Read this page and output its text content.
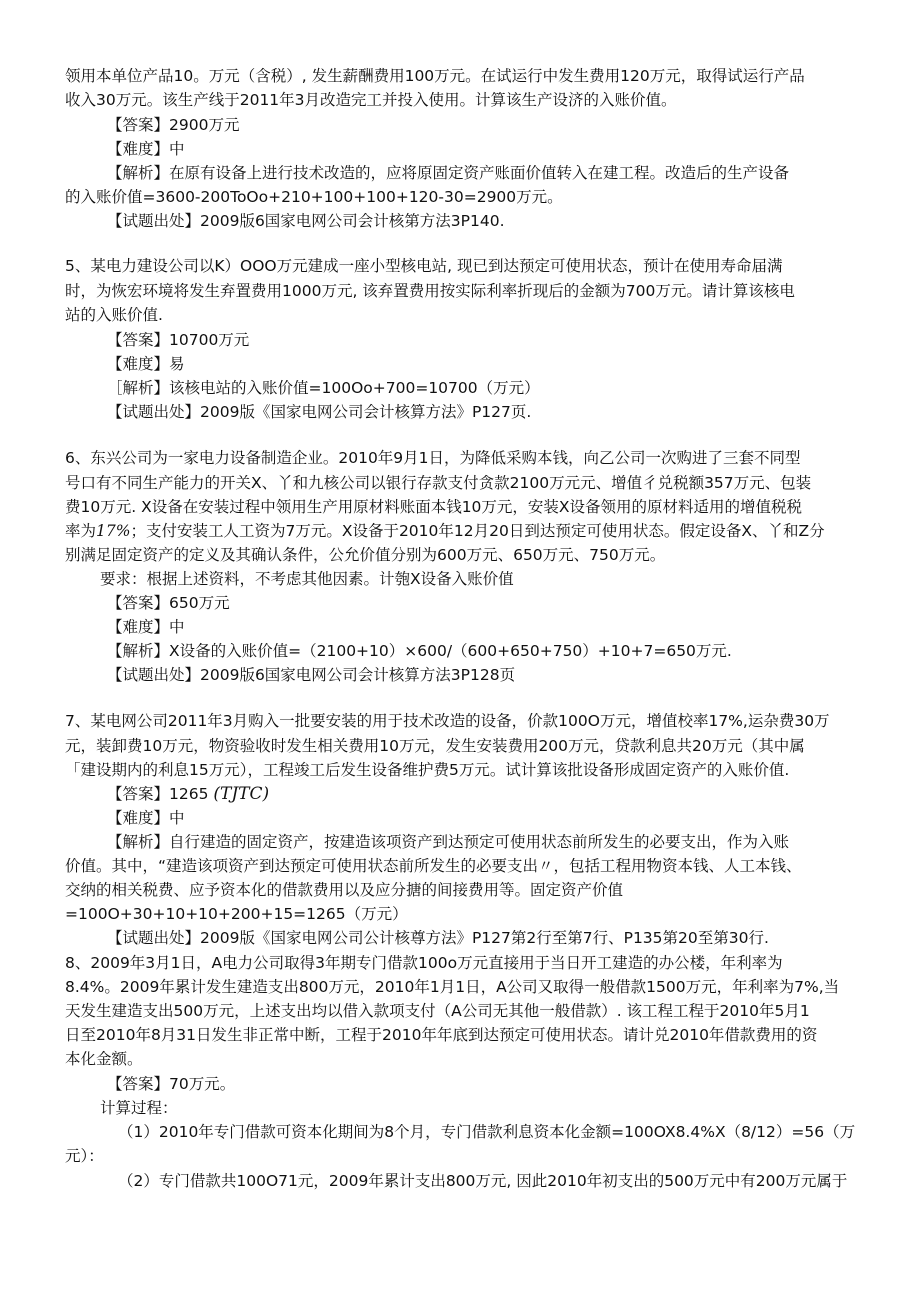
领用本单位产品10。万元（含税）, 发生薪酬费用100万元。在试运行中发生费用120万元，取得试运行产品
收入30万元。该生产线于2011年3月改造完工并投入使用。计算该生产设济的入账价值。
【答案】2900万元
【难度】中
【解析】在原有设备上进行技术改造的，应将原固定资产账面价值转入在建工程。改造后的生产设备
的入账价值=3600-200ToOo+210+100+100+120-30=2900万元。
【试题出处】2009版6国家电网公司会计核第方法3P140.
5、某电力建设公司以K）OOO万元建成一座小型核电站, 现已到达预定可使用状态，预计在使用寿命届满
时，为恢宏环境将发生弃置费用1000万元, 该弃置费用按实际利率折现后的金额为700万元。请计算该核电
站的入账价值.
【答案】10700万元
【难度】易
［解析】该核电站的入账价值=100Oo+700=10700（万元）
【试题出处】2009版《国家电网公司会计核算方法》P127页.
6、东兴公司为一家电力设备制造企业。2010年9月1日，为降低采购本钱，向乙公司一次购进了三套不同型
号口有不同生产能力的开关X、丫和九核公司以银行存款支付贪款2100万元元、增值彳兑税额357万元、包装
费10万元. X设备在安装过程中领用生产用原材料账面本钱10万元，安装X设备领用的原材料适用的增值税税
率为17%；支付安装工人工资为7万元。X设备于2010年12月20日到达预定可使用状态。假定设备X、丫和Z分
别满足固定资产的定义及其确认条件，公允价值分别为600万元、650万元、750万元。
要求：根据上述资料，不考虑其他因素。计匏X设备入账价值
【答案】650万元
【难度】中
【解析】X设备的入账价值=（2100+10）×600/（600+650+750）+10+7=650万元.
【试题出处】2009版6国家电网公司会计核算方法3P128页
7、某电网公司2011年3月购入一批要安装的用于技术改造的设备，价款100O万元，增值校率17%,运杂费30万
元，装卸费10万元，物资验收时发生相关费用10万元，发生安装费用200万元，贷款利息共20万元（其中属
「建设期内的利息15万元），工程竣工后发生设备维护费5万元。试计算该批设备形成固定资产的入账价值.
【答案】1265 (TJTC)
【难度】中
【解析】自行建造的固定资产，按建造该项资产到达预定可使用状态前所发生的必要支出，作为入账
价值。其中，“建造该项资产到达预定可使用状态前所发生的必要支出〃，包括工程用物资本钱、人工本钱、
交纳的相关税费、应予资本化的借款费用以及应分搪的间接费用等。固定资产价值
=100O+30+10+10+200+15=1265（万元）
【试题出处】2009版《国家电网公司公计核尊方法》P127第2行至第7行、P135第20至第30行.
8、2009年3月1日，A电力公司取得3年期专门借款100o万元直接用于当日开工建造的办公楼，年利率为
8.4%。2009年累计发生建造支出800万元，2010年1月1日，A公司又取得一般借款1500万元，年利率为7%,当
天发生建造支出500万元，上述支出均以借入款项支付（A公司无其他一般借款）. 该工程工程于2010年5月1
日至2010年8月31日发生非正常中断，工程于2010年年底到达预定可使用状态。请计兑2010年借款费用的资
本化金额。
【答案】70万元。
计算过程：
（1）2010年专门借款可资本化期间为8个月，专门借款利息资本化金额=100OX8.4%X（8/12）=56（万
元）：
（2）专门借款共100O71元，2009年累计支出800万元, 因此2010年初支出的500万元中有200万元属于
